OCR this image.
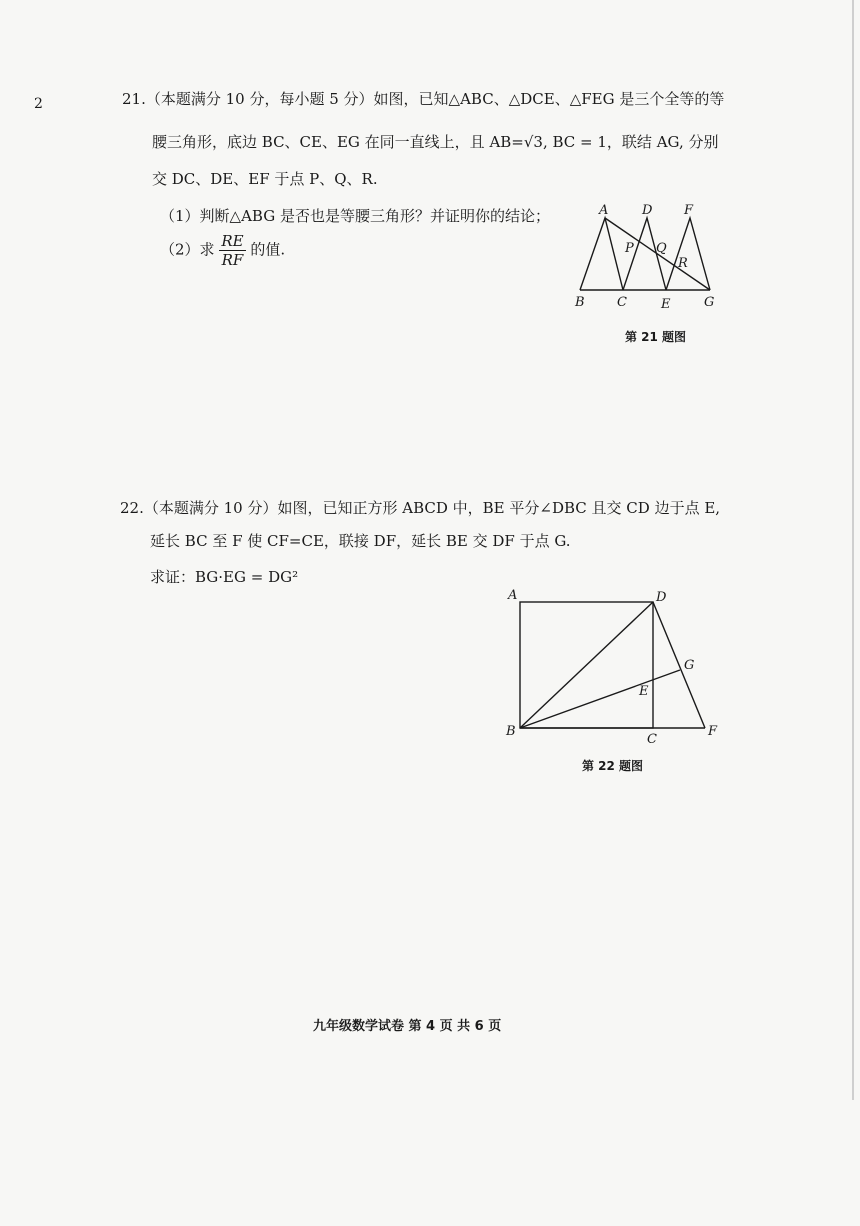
2	21.（本题满分 10 分，每小题 5 分）如图，已知△ABC、△DCE、△FEG 是三个全等的等
腰三角形，底边 BC、CE、EG 在同一直线上，且 AB=√3, BC = 1，联结 AG, 分别
交 DC、DE、EF 于点 P、Q、R.
（1）判断△ABG 是否也是等腰三角形？并证明你的结论；
（2）求 $\frac{RE}{RF}$ 的值.
A	D F
P Q
R
B C	E	G
第 21 题图
22.（本题满分 10 分）如图，已知正方形 ABCD 中，BE 平分∠DBC 且交 CD 边于点 E,
延长 BC 至 F 使 CF=CE，联接 DF，延长 BE 交 DF 于点 G.
求证：BG·EG = DG²
A	D
G
E
B
C
F
第 22 题图
九年级数学试卷 第 4 页 共 6 页
